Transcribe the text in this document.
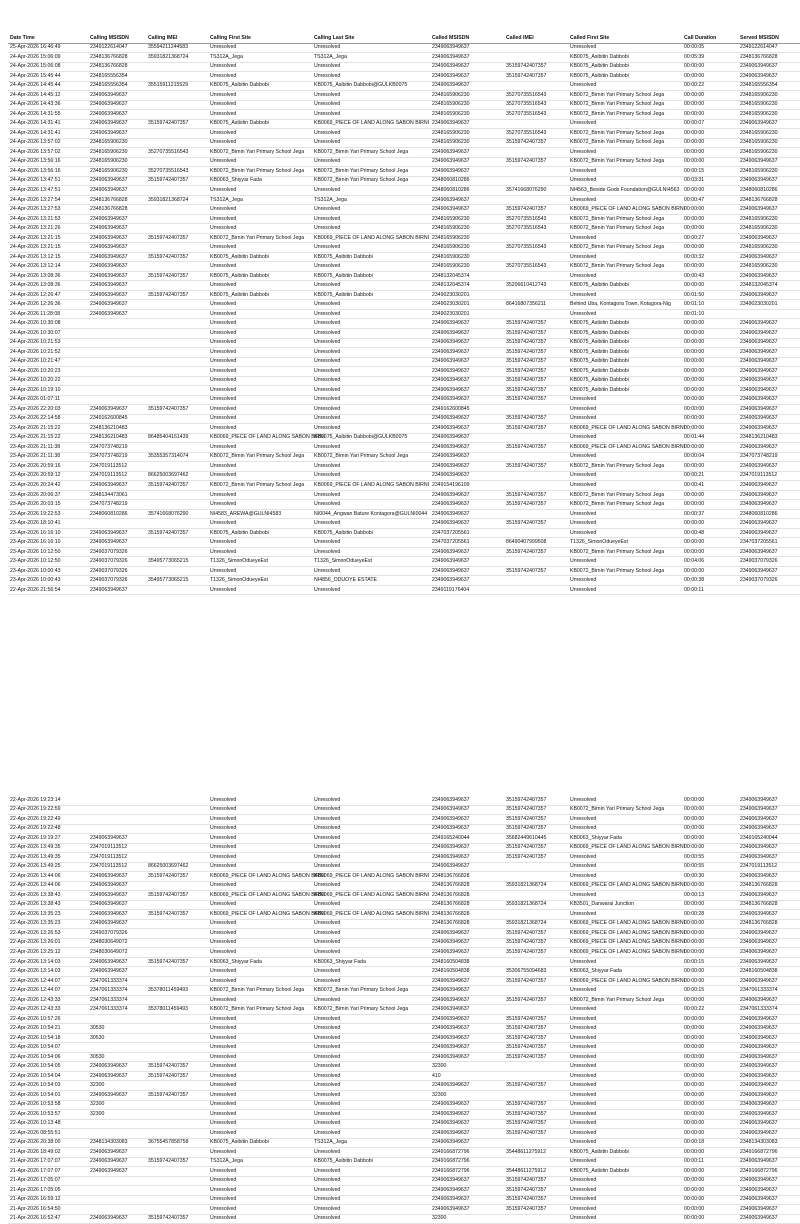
Date Time	Calling MSISDN	Calling IMEI	Calling First Site	Calling Last Site	Called MSISDN	Called IMEI	Called First Site	Call Duration	Served MSISDN
25-Apr-2026 16:46:49	2349122614047	35594211244583	Unresolved	Unresolved	2349063949637		Unresolved	00:00:05	2349122614047
24-Apr-2026 15:06:09	2348136766828	35931821368724	TS312A_Jega	TS312A_Jega	2349063949637		KB0075_Asibitin Dabbobi	00:05:39	2348136766828
24-Apr-2026 15:06:08	2348136766828		Unresolved	Unresolved	2349063949637	35159742407357	KB0075_Asibitin Dabbobi	00:00:00	2349063949637
24-Apr-2026 15:45:44	2348165556354		Unresolved	Unresolved	2349063949637	35159742407357	KB0075_Asibitin Dabbobi	00:00:00	2349063949637
24-Apr-2026 14:45:44	2348165556354	35515911215529	KB0075_Asibitin Dabbobi	KB0075_Asibitin Dabbobi@GULKB0075	2349063949637		Unresolved	00:00:22	2348165556354
24-Apr-2026 14:45:12	2349063949637		Unresolved	Unresolved	2348165906230	35270735516543	KB0072_Birnin Yari Primary School Jega	00:00:00	2348165906230
24-Apr-2026 14:43:36	2349063949637		Unresolved	Unresolved	2348165906230	35270735516543	KB0072_Birnin Yari Primary School Jega	00:00:00	2348165906230
24-Apr-2026 14:31:55	2349063949637		Unresolved	Unresolved	2348165906230	35270735516543	KB0072_Birnin Yari Primary School Jega	00:00:00	2348165906230
24-Apr-2026 14:31:41	2349063949637	35159742407357	KB0075_Asibitin Dabbobi	KB0069_PIECE OF LAND ALONG SABON BIRNI	2349063949637		Unresolved	00:00:07	2349063949637
24-Apr-2026 14:31:41	2349063949637		Unresolved	Unresolved	2348165906230	35270735516543	KB0072_Birnin Yari Primary School Jega	00:00:00	2348165906230
24-Apr-2026 13:57:02	2348165906230		Unresolved	Unresolved	2348165906230	35159742407357	KB0072_Birnin Yari Primary School Jega	00:00:00	2348165906230
24-Apr-2026 13:57:02	2348165906230	35270735516543	KB0072_Birnin Yari Primary School Jega	KB0072_Birnin Yari Primary School Jega	2349063949637		Unresolved	00:00:00	2348165906230
24-Apr-2026 13:56:16	2348165906230		Unresolved	Unresolved	2349063949637	35159742407357	KB0072_Birnin Yari Primary School Jega	00:00:00	2349063949637
24-Apr-2026 13:56:16	2348165906230	35270735516543	KB0072_Birnin Yari Primary School Jega	KB0072_Birnin Yari Primary School Jega	2349063949637		Unresolved	00:00:15	2348165906230
24-Apr-2026 13:47:51	2349063949637	35159742407357	KB0063_Shiyyar Fada	KB0072_Birnin Yari Primary School Jega	2348060810286		Unresolved	00:03:31	2349063949637
24-Apr-2026 13:47:51	2349063949637		Unresolved	Unresolved	2348060810286	35741668076290	NI4563_Beside Gods Foundation@GULNI4563	00:00:00	2348060810286
24-Apr-2026 13:27:54	2348136766828	35931821368724	TS312A_Jega	TS312A_Jega	2349063949637		Unresolved	00:00:47	2348136766828
24-Apr-2026 13:27:53	2348136766828		Unresolved	Unresolved	2349063949637	35159742407357	KB0069_PIECE OF LAND ALONG SABON BIRNI	00:00:00	2349063949637
24-Apr-2026 13:21:53	2349063949637		Unresolved	Unresolved	2348165906230	35270735516543	KB0072_Birnin Yari Primary School Jega	00:00:00	2348165906230
24-Apr-2026 13:21:26	2349063949637		Unresolved	Unresolved	2348165906230	35270735516543	KB0072_Birnin Yari Primary School Jega	00:00:00	2348165906230
24-Apr-2026 13:21:15	2349063949637	35159742407357	KB0072_Birnin Yari Primary School Jega	KB0069_PIECE OF LAND ALONG SABON BIRNI	2348165906230		Unresolved	00:00:27	2349063949637
24-Apr-2026 13:21:15	2349063949637		Unresolved	Unresolved	2348165906230	35270735516543	KB0072_Birnin Yari Primary School Jega	00:00:00	2348165906230
24-Apr-2026 13:12:15	2349063949637	35159742407357	KB0075_Asibitin Dabbobi	KB0075_Asibitin Dabbobi	2348165906230		Unresolved	00:00:32	2349063949637
24-Apr-2026 13:12:14	2349063949637		Unresolved	Unresolved	2348165906230	35270735516543	KB0072_Birnin Yari Primary School Jega	00:00:00	2348165906230
24-Apr-2026 13:08:36	2349063949637	35159742407357	KB0075_Asibitin Dabbobi	KB0075_Asibitin Dabbobi	2348132045374		Unresolved	00:00:43	2349063949637
24-Apr-2026 13:08:36	2349063949637		Unresolved	Unresolved	2348132045374	35206610412743	KB0075_Asibitin Dabbobi	00:00:00	2348132045374
24-Apr-2026 12:26:47	2349063949637	35159742407357	KB0075_Asibitin Dabbobi	KB0075_Asibitin Dabbobi	2349023030201		Unresolved	00:01:50	2349063949637
24-Apr-2026 12:26:36	2349063949637		Unresolved	Unresolved	2349023030201	86416807356211	Behind Uba, Kontagora Town, Kotagora-Nig	00:01:10	2349023030201
24-Apr-2026 11:28:08	2349063949637		Unresolved	Unresolved	2349023030201		Unresolved	00:01:10	
24-Apr-2026 10:30:08			Unresolved	Unresolved	2349063949637	35159742407357	KB0075_Asibitin Dabbobi	00:00:00	2349063949637
24-Apr-2026 10:30:07			Unresolved	Unresolved	2349063949637	35159742407357	KB0075_Asibitin Dabbobi	00:00:00	2349063949637
24-Apr-2026 10:21:53			Unresolved	Unresolved	2349063949637	35159742407357	KB0075_Asibitin Dabbobi	00:00:00	2349063949637
24-Apr-2026 10:21:52			Unresolved	Unresolved	2349063949637	35159742407357	KB0075_Asibitin Dabbobi	00:00:00	2349063949637
24-Apr-2026 10:21:47			Unresolved	Unresolved	2349063949637	35159742407357	KB0075_Asibitin Dabbobi	00:00:00	2349063949637
24-Apr-2026 10:20:23			Unresolved	Unresolved	2349063949637	35159742407357	KB0075_Asibitin Dabbobi	00:00:00	2349063949637
24-Apr-2026 10:20:22			Unresolved	Unresolved	2349063949637	35159742407357	KB0075_Asibitin Dabbobi	00:00:00	2349063949637
24-Apr-2026 10:19:10			Unresolved	Unresolved	2349063949637	35159742407357	KB0075_Asibitin Dabbobi	00:00:00	2349063949637
24-Apr-2026 01:07:11			Unresolved	Unresolved	2349063949637	35159742407357	Unresolved	00:00:00	2349063949637
23-Apr-2026 22:20:03	2349063949637	35159742407357	Unresolved	Unresolved	2349162600845		Unresolved	00:00:00	2349063949637
23-Apr-2026 22:14:58	2349162600845		Unresolved	Unresolved	2349063949637	35159742407357	Unresolved	00:00:00	2349063949637
23-Apr-2026 21:15:22	2348136210483		Unresolved	Unresolved	2349063949637	35159742407357	KB0069_PIECE OF LAND ALONG SABON BIRNI	00:00:00	2349063949637
23-Apr-2026 21:15:22	2348136210483	86485404161439	KB0069_PIECE OF LAND ALONG SABON BIRNI	KB0075_Asibitin Dabbobi@GULKB0075	2349063949637		Unresolved	00:01:44	2348136210483
23-Apr-2026 21:11:38	2347073748219		Unresolved	Unresolved	2349063949637	35159742407357	KB0069_PIECE OF LAND ALONG SABON BIRNI	00:00:00	2349063949637
23-Apr-2026 21:11:38	2347073748219	35355357314074	KB0072_Birnin Yari Primary School Jega	KB0072_Birnin Yari Primary School Jega	2349063949637		Unresolved	00:00:04	2347073748219
23-Apr-2026 20:59:16	2347019113512		Unresolved	Unresolved	2349063949637	35159742407357	KB0072_Birnin Yari Primary School Jega	00:00:00	2349063949637
23-Apr-2026 20:59:12	2347019113512	86625003697462	Unresolved	Unresolved	2349063949637		Unresolved	00:00:21	2347019113512
23-Apr-2026 20:24:42	2349063949637	35159742407357	KB0072_Birnin Yari Primary School Jega	KB0069_PIECE OF LAND ALONG SABON BIRNI	2349154196109		Unresolved	00:00:41	2349063949637
23-Apr-2026 20:06:37	2348134473061		Unresolved	Unresolved	2349063949637	35159742407357	KB0072_Birnin Yari Primary School Jega	00:00:00	2349063949637
23-Apr-2026 20:03:15	2347073748219		Unresolved	Unresolved	2349063949637	35159742407357	KB0072_Birnin Yari Primary School Jega	00:00:00	2349063949637
23-Apr-2026 19:22:53	2348060810286	35741668076290	NI4583_AREWA@GULNI4583	NI0044_Angwan Bature Kontagora@GULNI0044	2349063949637		Unresolved	00:00:37	2348060810286
23-Apr-2026 18:10:41			Unresolved	Unresolved	2349063949637	35159742407357	Unresolved	00:00:00	2349063949637
23-Apr-2026 16:16:10	2349063949637	35159742407357	KB0075_Asibitin Dabbobi	KB0075_Asibitin Dabbobi	2347037205561		Unresolved	00:00:48	2349063949637
23-Apr-2026 16:16:10	2349063949637		Unresolved	Unresolved	2347037205561	86490407999508	T1326_SimonOdueyeEst	00:00:00	2347037205561
23-Apr-2026 10:12:50	2349037079326		Unresolved	Unresolved	2349063949637	35159742407357	KB0072_Birnin Yari Primary School Jega	00:00:00	2349063949637
23-Apr-2026 10:12:50	2349037079326	35495773065215	T1326_SimonOdueyeEst	T1326_SimonOdueyeEst	2349063949637		Unresolved	00:04:06	2349037079326
23-Apr-2026 10:00:43	2349037079326		Unresolved	Unresolved	2349063949637	35159742407357	KB0072_Birnin Yari Primary School Jega	00:00:00	2349063949637
23-Apr-2026 10:00:43	2349037079326	35495773065215	T1326_SimonOdueyeEst	NI4856_ODUOYE ESTATE	2349063949637		Unresolved	00:00:38	2349037079326
22-Apr-2026 21:56:54	2349063949637		Unresolved	Unresolved	2349119176404		Unresolved	00:00:11	
22-Apr-2026 19:23:14			Unresolved	Unresolved	2349063949637	35159742407357	Unresolved	00:00:00	2349063949637
22-Apr-2026 19:22:59			Unresolved	Unresolved	2349063949637	35159742407357	KB0072_Birnin Yari Primary School Jega	00:00:00	2349063949637
22-Apr-2026 19:22:49			Unresolved	Unresolved	2349063949637	35159742407357	Unresolved	00:00:00	2349063949637
22-Apr-2026 19:22:48			Unresolved	Unresolved	2349063949637	35159742407357	Unresolved	00:00:00	2349063949637
22-Apr-2026 19:19:27	2349063949637		Unresolved	Unresolved	2349165240044	35682449610445	KB0063_Shiyyar Fada	00:00:00	2349165240044
22-Apr-2026 13:49:35	2347019113512		Unresolved	Unresolved	2349063949637	35159742407357	KB0069_PIECE OF LAND ALONG SABON BIRNI	00:00:00	2349063949637
22-Apr-2026 13:49:35	2347019113512		Unresolved	Unresolved	2349063949637	35159742407357	Unresolved	00:00:55	2349063949637
22-Apr-2026 13:49:25	2347019113512	86625003697462	Unresolved	Unresolved	2349063949637		Unresolved	00:00:55	2347019113512
22-Apr-2026 13:44:06	2349063949637	35159742407357	KB0069_PIECE OF LAND ALONG SABON BIRNI	KB0069_PIECE OF LAND ALONG SABON BIRNI	2348136766828		Unresolved	00:00:30	2349063949637
22-Apr-2026 13:44:06	2349063949637		Unresolved	Unresolved	2348136766828	35931821368724	KB0069_PIECE OF LAND ALONG SABON BIRNI	00:00:00	2348136766828
22-Apr-2026 13:38:43	2349063949637	35159742407357	KB0069_PIECE OF LAND ALONG SABON BIRNI	KB0069_PIECE OF LAND ALONG SABON BIRNI	2348136766828		Unresolved	00:00:13	2349063949637
22-Apr-2026 13:38:43	2349063949637		Unresolved	Unresolved	2348136766828	35931821368724	KB3501_Danwarai Junction	00:00:00	2348136766828
22-Apr-2026 13:35:23	2349063949637	35159742407357	KB0069_PIECE OF LAND ALONG SABON BIRNI	KB0069_PIECE OF LAND ALONG SABON BIRNI	2348136766828		Unresolved	00:00:28	2349063949637
22-Apr-2026 13:35:23	2349063949637		Unresolved	Unresolved	2348136766828	35931821368724	KB0069_PIECE OF LAND ALONG SABON BIRNI	00:00:00	2348136766828
22-Apr-2026 13:26:53	2349037079326		Unresolved	Unresolved	2349063949637	35159742407357	KB0069_PIECE OF LAND ALONG SABON BIRNI	00:00:00	2349063949637
22-Apr-2026 13:26:01	2348030649072		Unresolved	Unresolved	2349063949637	35159742407357	KB0069_PIECE OF LAND ALONG SABON BIRNI	00:00:00	2349063949637
22-Apr-2026 13:25:12	2348030649072		Unresolved	Unresolved	2349063949637	35159742407357	KB0069_PIECE OF LAND ALONG SABON BIRNI	00:00:00	2349063949637
22-Apr-2026 13:14:03	2349063949637	35159742407357	KB0063_Shiyyar Fada	KB0063_Shiyyar Fada	2348160504838		Unresolved	00:00:15	2349063949637
22-Apr-2026 13:14:03	2349063949637		Unresolved	Unresolved	2348160504838	35306755094683	KB0063_Shiyyar Fada	00:00:00	2348160504838
22-Apr-2026 12:44:07	2347061333374		Unresolved	Unresolved	2349063949637	35159742407357	KB0069_PIECE OF LAND ALONG SABON BIRNI	00:00:00	2349063949637
22-Apr-2026 12:44:07	2347061333374	35378011459493	KB0072_Birnin Yari Primary School Jega	KB0072_Birnin Yari Primary School Jega	2349063949637		Unresolved	00:00:15	2347061333374
22-Apr-2026 12:43:33	2347061333374		Unresolved	Unresolved	2349063949637	35159742407357	KB0072_Birnin Yari Primary School Jega	00:00:00	2349063949637
22-Apr-2026 12:43:33	2347061333374	35378011459493	KB0072_Birnin Yari Primary School Jega	KB0072_Birnin Yari Primary School Jega	2349063949637		Unresolved	00:00:22	2347061333374
22-Apr-2026 10:57:26			Unresolved	Unresolved	2349063949637	35159742407357	Unresolved	00:00:00	2349063949637
22-Apr-2026 10:54:21	30530		Unresolved	Unresolved	2349063949637	35159742407357	Unresolved	00:00:00	2349063949637
22-Apr-2026 10:54:18	30530		Unresolved	Unresolved	2349063949637	35159742407357	Unresolved	00:00:00	2349063949637
22-Apr-2026 10:54:07			Unresolved	Unresolved	2349063949637	35159742407357	Unresolved	00:00:00	2349063949637
22-Apr-2026 10:54:06	30530		Unresolved	Unresolved	2349063949637	35159742407357	Unresolved	00:00:00	2349063949637
22-Apr-2026 10:54:05	2349063949637	35159742407357	Unresolved	Unresolved	32300		Unresolved	00:00:00	2349063949637
22-Apr-2026 10:54:04	2349063949637	35159742407357	Unresolved	Unresolved	410		Unresolved	00:00:00	2349063949637
22-Apr-2026 10:54:03	32300		Unresolved	Unresolved	2349063949637	35159742407357	Unresolved	00:00:00	2349063949637
22-Apr-2026 10:54:01	2349063949637	35159742407357	Unresolved	Unresolved	32300		Unresolved	00:00:00	2349063949637
22-Apr-2026 10:53:58	32300		Unresolved	Unresolved	2349063949637	35159742407357	Unresolved	00:00:00	2349063949637
22-Apr-2026 10:53:57	32300		Unresolved	Unresolved	2349063949637	35159742407357	Unresolved	00:00:00	2349063949637
22-Apr-2026 10:13:48			Unresolved	Unresolved	2349063949637	35159742407357	Unresolved	00:00:00	2349063949637
22-Apr-2026 08:55:51			Unresolved	Unresolved	2349063949637	35159742407357	Unresolved	00:00:00	2349063949637
22-Apr-2026 20:38:00	2348134303083	36755457858758	KB0075_Asibitin Dabbobi	TS312A_Jega	2349063949637		Unresolved	00:00:18	2348134303083
21-Apr-2026 18:49:02	2349063949637		Unresolved	Unresolved	2349166872796	35448611275912	KB0075_Asibitin Dabbobi	00:00:00	2349166872796
21-Apr-2026 17:07:07	2349063949637	35159742407357	TS312A_Jega	KB0075_Asibitin Dabbobi	2349166872796		Unresolved	00:00:11	2349063949637
21-Apr-2026 17:07:07	2349063949637		Unresolved	Unresolved	2349166872796	35448611275912	KB0075_Asibitin Dabbobi	00:00:00	2349166872796
21-Apr-2026 17:05:07			Unresolved	Unresolved	2349063949637	35159742407357	Unresolved	00:00:00	2349063949637
21-Apr-2026 17:05:05			Unresolved	Unresolved	2349063949637	35159742407357	Unresolved	00:00:00	2349063949637
21-Apr-2026 16:59:12			Unresolved	Unresolved	2349063949637	35159742407357	Unresolved	00:00:00	2349063949637
21-Apr-2026 16:54:50			Unresolved	Unresolved	2349063949637	35159742407357	Unresolved	00:00:00	2349063949637
21-Apr-2026 16:52:47	2349063949637	35159742407357	Unresolved	Unresolved	32300		Unresolved	00:00:00	2349063949637
